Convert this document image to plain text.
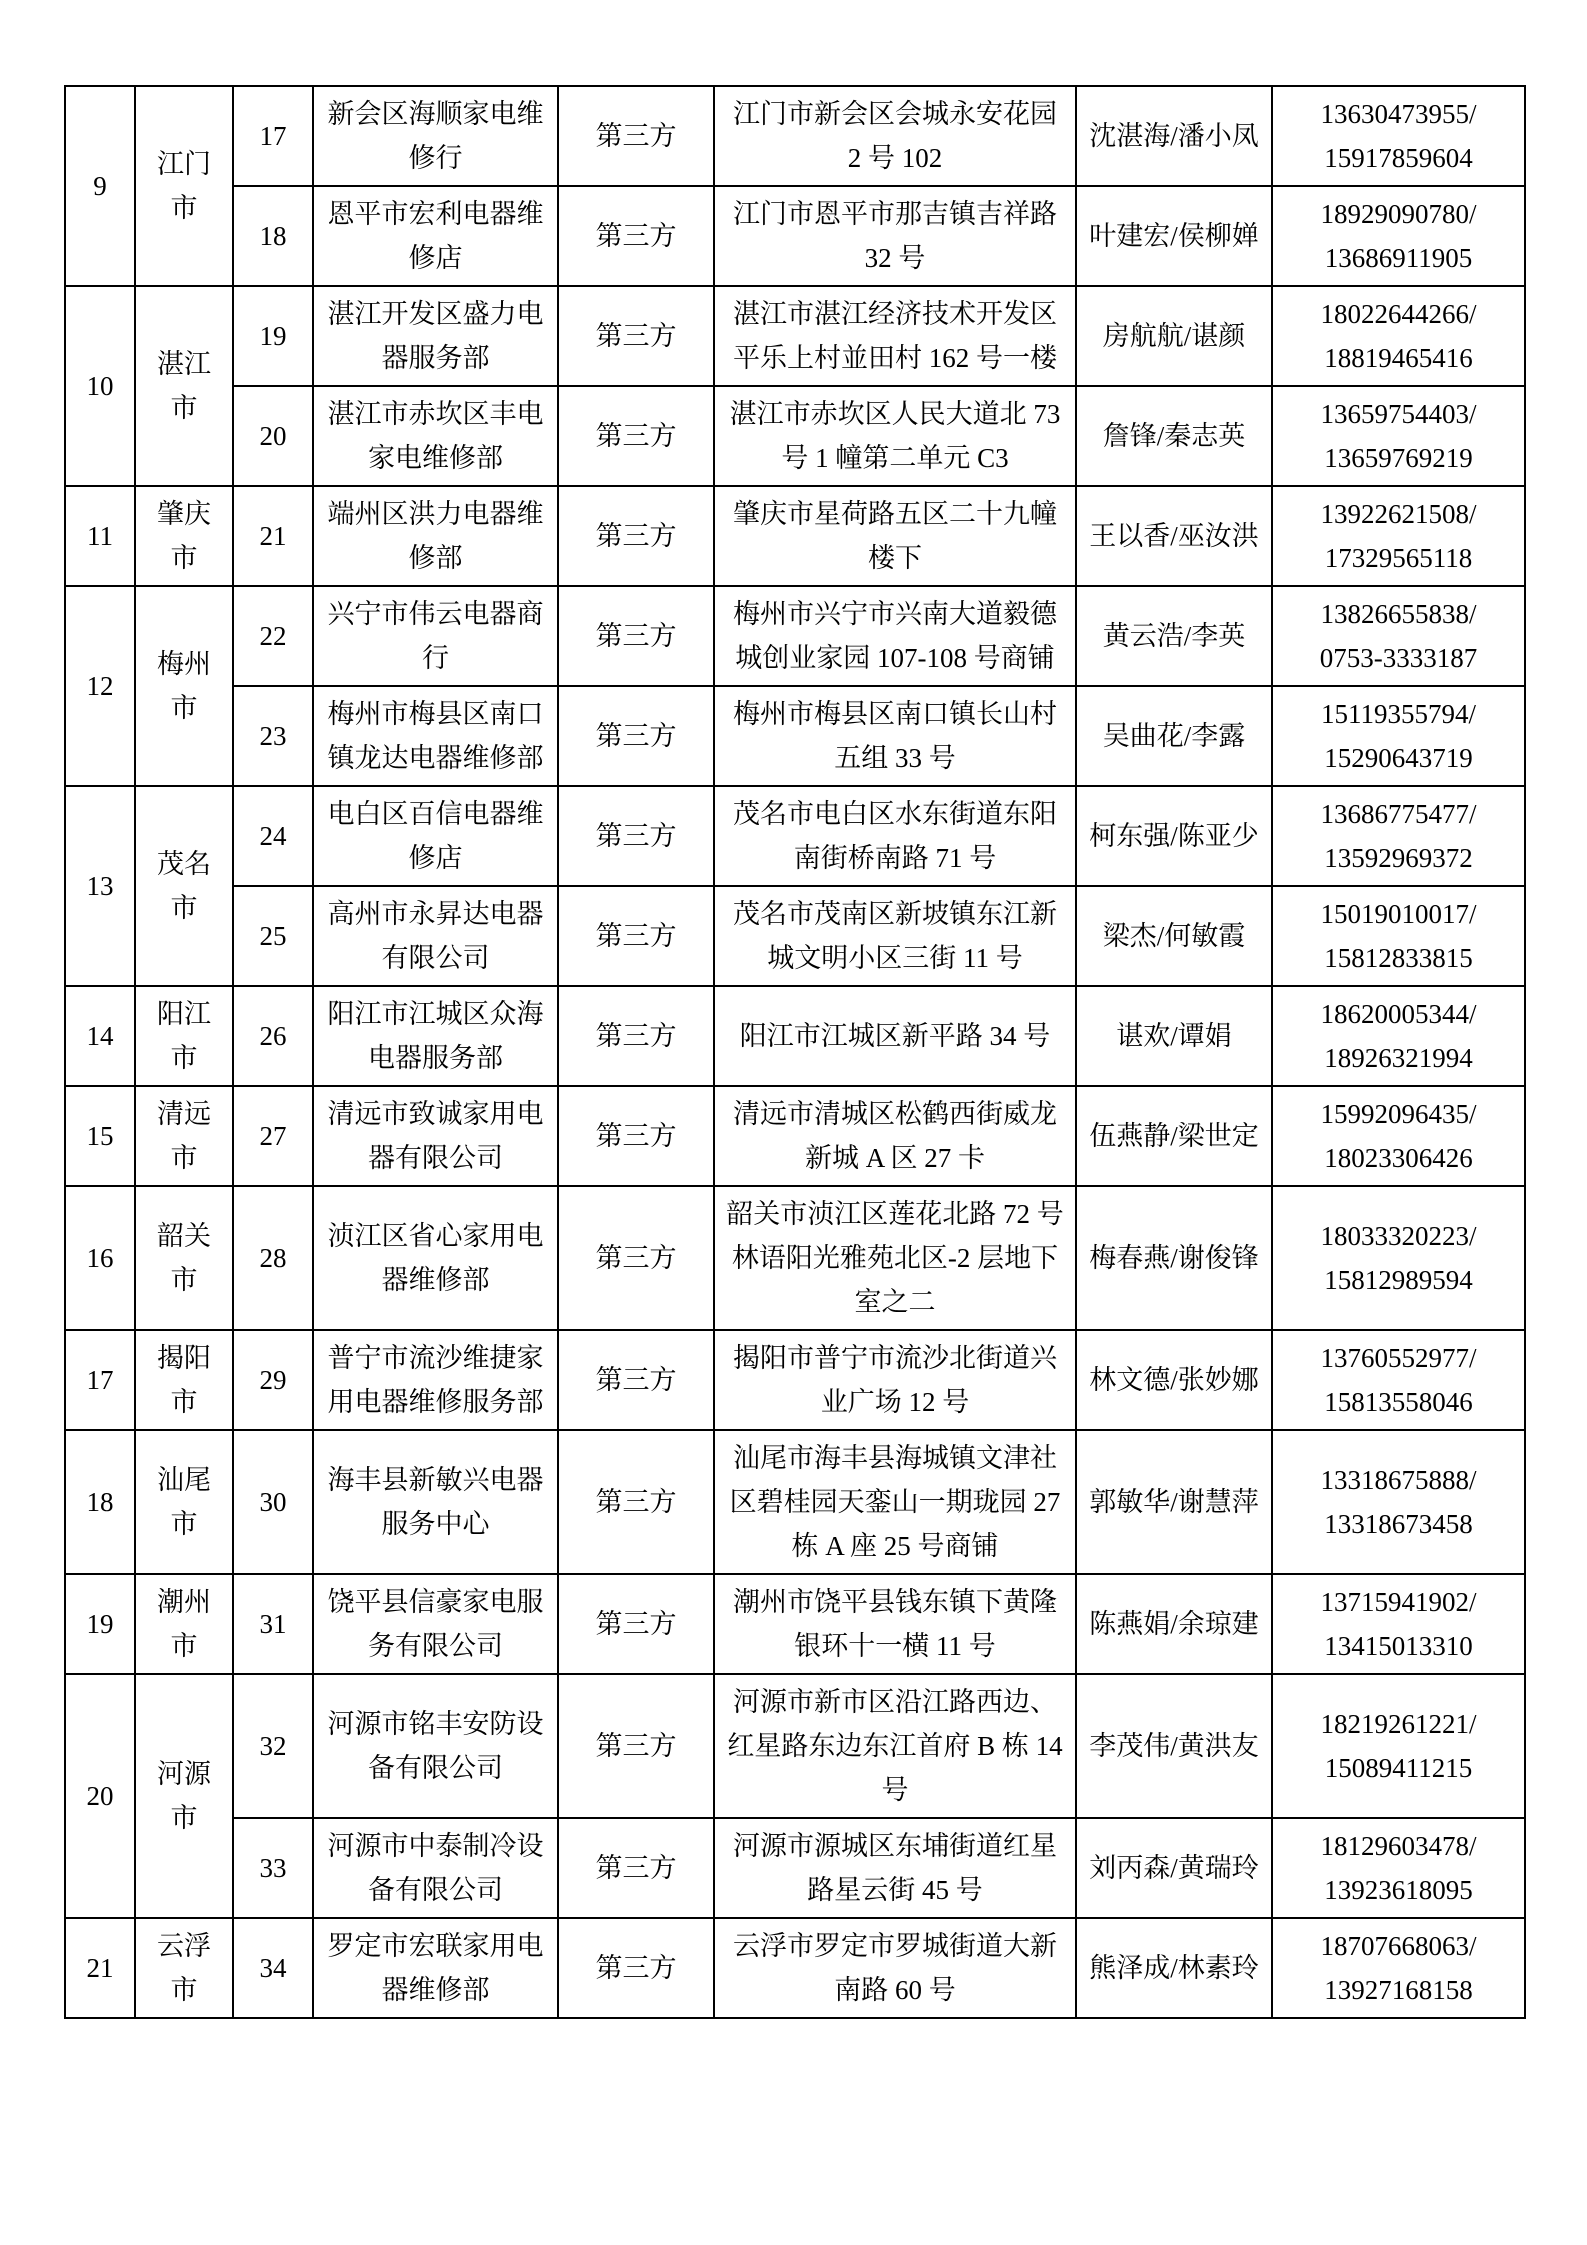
9	江门市	17	新会区海顺家电维修行	第三方	江门市新会区会城永安花园 2 号 102	沈湛海/潘小凤	13630473955/
15917859604

		18	恩平市宏利电器维修店	第三方	江门市恩平市那吉镇吉祥路 32 号	叶建宏/侯柳婵	18929090780/
13686911905

10	湛江市	19	湛江开发区盛力电器服务部	第三方	湛江市湛江经济技术开发区平乐上村並田村 162 号一楼	房航航/谌颜	18022644266/
18819465416

		20	湛江市赤坎区丰电家电维修部	第三方	湛江市赤坎区人民大道北 73 号 1 幢第二单元 C3	詹锋/秦志英	13659754403/
13659769219

11	肇庆市	21	端州区洪力电器维修部	第三方	肇庆市星荷路五区二十九幢楼下	王以香/巫汝洪	13922621508/
17329565118

12	梅州市	22	兴宁市伟云电器商行	第三方	梅州市兴宁市兴南大道毅德城创业家园 107-108 号商铺	黄云浩/李英	13826655838/
0753-3333187

		23	梅州市梅县区南口镇龙达电器维修部	第三方	梅州市梅县区南口镇长山村五组 33 号	吴曲花/李露	15119355794/
15290643719

13	茂名市	24	电白区百信电器维修店	第三方	茂名市电白区水东街道东阳南街桥南路 71 号	柯东强/陈亚少	13686775477/
13592969372

		25	高州市永昇达电器有限公司	第三方	茂名市茂南区新坡镇东江新城文明小区三街 11 号	梁杰/何敏霞	15019010017/
15812833815

14	阳江市	26	阳江市江城区众海电器服务部	第三方	阳江市江城区新平路 34 号	谌欢/谭娟	18620005344/
18926321994

15	清远市	27	清远市致诚家用电器有限公司	第三方	清远市清城区松鹤西街威龙新城 A 区 27 卡	伍燕静/梁世定	15992096435/
18023306426

16	韶关市	28	浈江区省心家用电器维修部	第三方	韶关市浈江区莲花北路 72 号林语阳光雅苑北区-2 层地下室之二	梅春燕/谢俊锋	18033320223/
15812989594

17	揭阳市	29	普宁市流沙维捷家用电器维修服务部	第三方	揭阳市普宁市流沙北街道兴业广场 12 号	林文德/张妙娜	13760552977/
15813558046

18	汕尾市	30	海丰县新敏兴电器服务中心	第三方	汕尾市海丰县海城镇文津社区碧桂园天銮山一期珑园 27 栋 A 座 25 号商铺	郭敏华/谢慧萍	13318675888/
13318673458

19	潮州市	31	饶平县信豪家电服务有限公司	第三方	潮州市饶平县钱东镇下黄隆银环十一横 11 号	陈燕娟/余琼建	13715941902/
13415013310

20	河源市	32	河源市铭丰安防设备有限公司	第三方	河源市新市区沿江路西边、红星路东边东江首府 B 栋 14 号	李茂伟/黄洪友	18219261221/
15089411215

		33	河源市中泰制冷设备有限公司	第三方	河源市源城区东埔街道红星路星云街 45 号	刘丙森/黄瑞玲	18129603478/
13923618095

21	云浮市	34	罗定市宏联家用电器维修部	第三方	云浮市罗定市罗城街道大新南路 60 号	熊泽成/林素玲	18707668063/
13927168158
